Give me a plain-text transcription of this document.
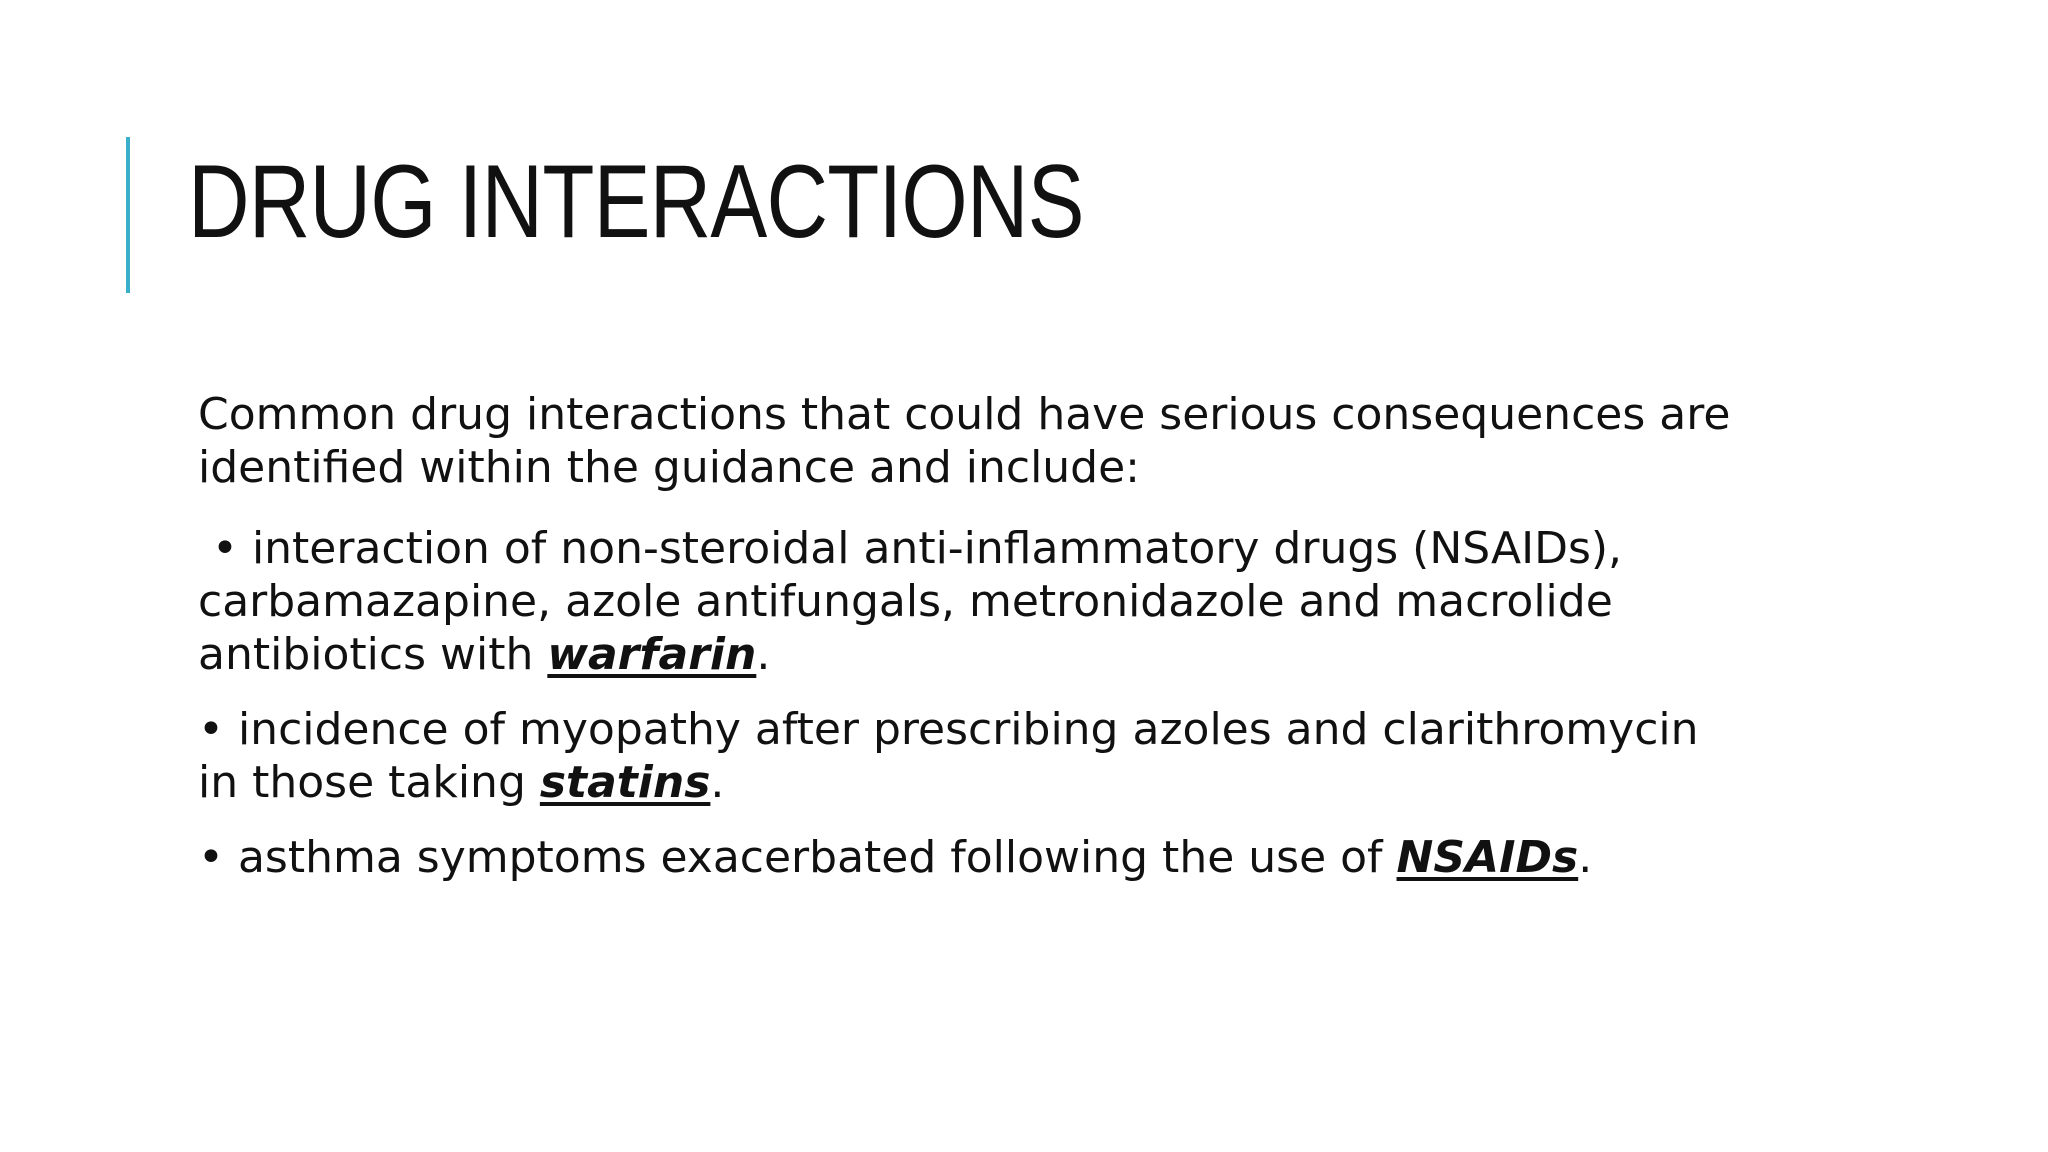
DRUG INTERACTIONS

Common drug interactions that could have serious consequences are
identified within the guidance and include:

• interaction of non-steroidal anti-inflammatory drugs (NSAIDs),
carbamazapine, azole antifungals, metronidazole and macrolide
antibiotics with warfarin.

• incidence of myopathy after prescribing azoles and clarithromycin
in those taking statins.

• asthma symptoms exacerbated following the use of NSAIDs.
